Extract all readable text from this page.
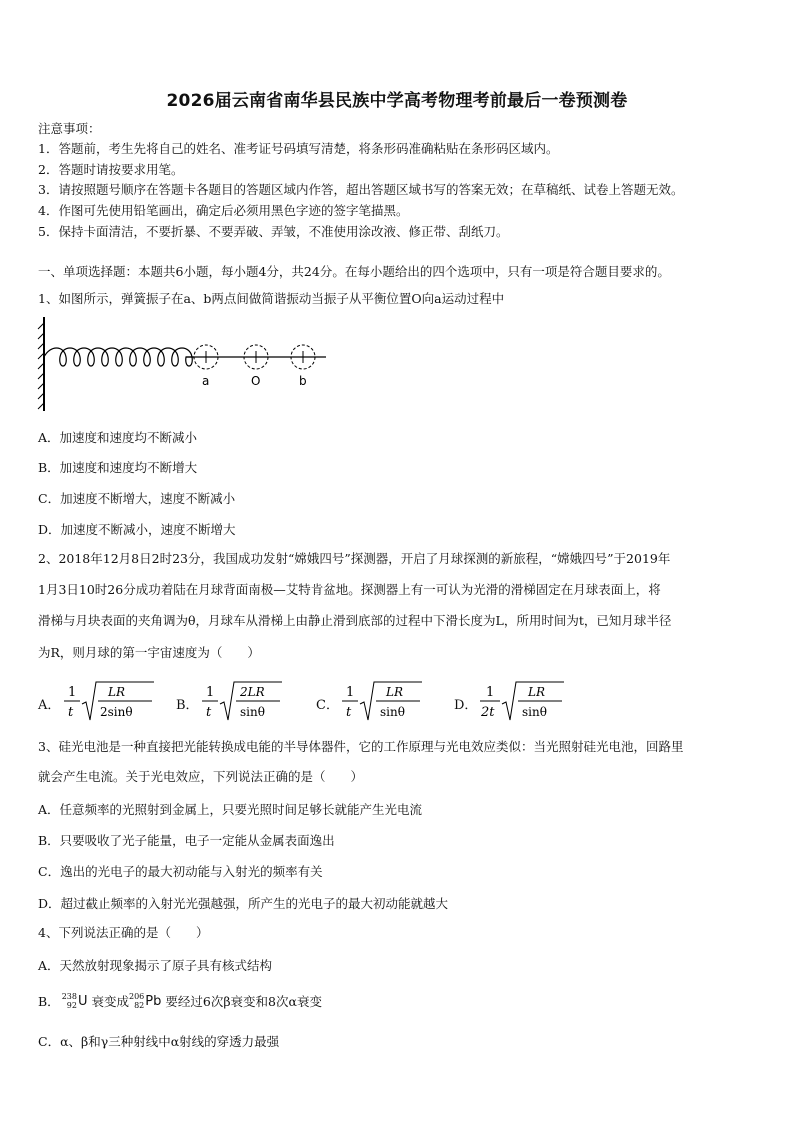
2026届云南省南华县民族中学高考物理考前最后一卷预测卷
注意事项：
1．答题前，考生先将自己的姓名、准考证号码填写清楚，将条形码准确粘贴在条形码区域内。
2．答题时请按要求用笔。
3．请按照题号顺序在答题卡各题目的答题区域内作答，超出答题区域书写的答案无效；在草稿纸、试卷上答题无效。
4．作图可先使用铅笔画出，确定后必须用黑色字迹的签字笔描黑。
5．保持卡面清洁，不要折暴、不要弄破、弄皱，不准使用涂改液、修正带、刮纸刀。
一、单项选择题：本题共6小题，每小题4分，共24分。在每小题给出的四个选项中，只有一项是符合题目要求的。
1、如图所示，弹簧振子在a、b两点间做简谐振动当振子从平衡位置O向a运动过程中
a	O	b
A．加速度和速度均不断减小
B．加速度和速度均不断增大
C．加速度不断增大，速度不断减小
D．加速度不断减小，速度不断增大
2、2018年12月8日2时23分，我国成功发射“嫦娥四号”探测器，开启了月球探测的新旅程，“嫦娥四号”于2019年
1月3日10时26分成功着陆在月球背面南极—艾特肯盆地。探测器上有一可认为光滑的滑梯固定在月球表面上，将
滑梯与月块表面的夹角调为θ，月球车从滑梯上由静止滑到底部的过程中下滑长度为L，所用时间为t，已知月球半径
为R，则月球的第一宇宙速度为（　　）
A．
1
t
LR
2sinθ	B．
1
t
2LR
sinθ	C．
1
t
LR
sinθ	D．
1
2t
LR
sinθ
3、硅光电池是一种直接把光能转换成电能的半导体器件，它的工作原理与光电效应类似：当光照射硅光电池，回路里
就会产生电流。关于光电效应，下列说法正确的是（　　）
A．任意频率的光照射到金属上，只要光照时间足够长就能产生光电流
B．只要吸收了光子能量，电子一定能从金属表面逸出
C．逸出的光电子的最大初动能与入射光的频率有关
D．超过截止频率的入射光光强越强，所产生的光电子的最大初动能就越大
4、下列说法正确的是（　　）
A．天然放射现象揭示了原子具有核式结构
B． 238
92 U 衰变成 206
82 Pb 要经过6次β衰变和8次α衰变
C．α、β和γ三种射线中α射线的穿透力最强
